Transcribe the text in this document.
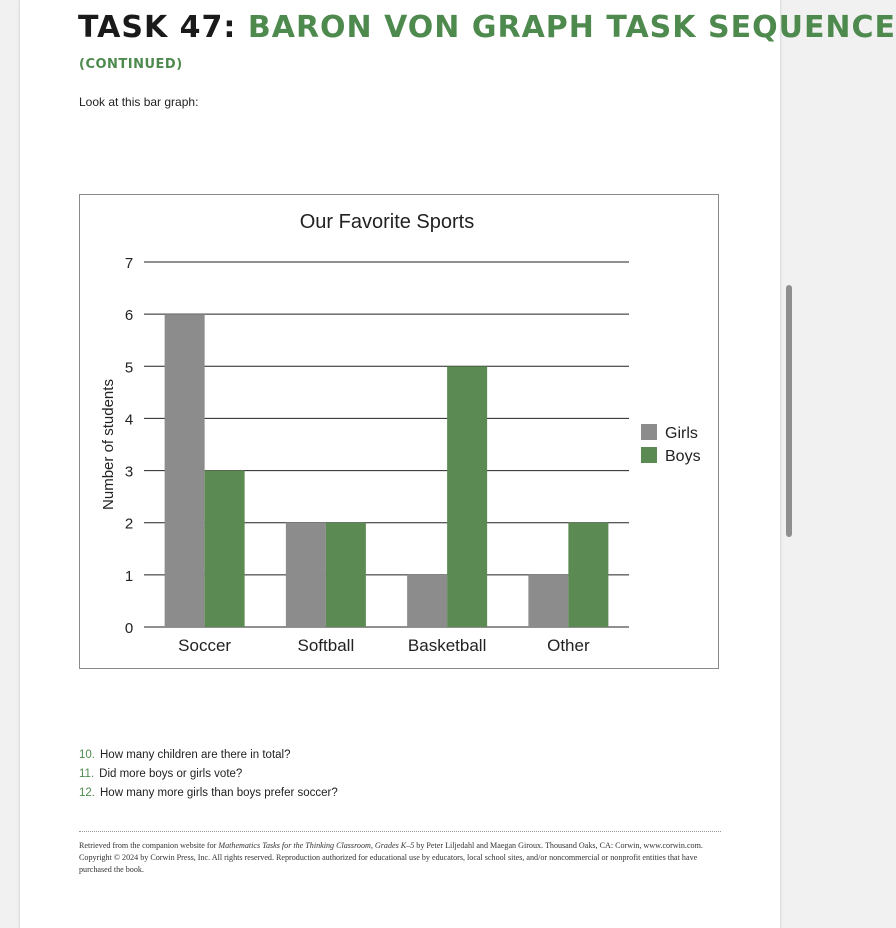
TASK 47: BARON VON GRAPH TASK SEQUENCE
(CONTINUED)
Look at this bar graph:
Our Favorite Sports
0
1
2
3
4
5
6
7
Number of students
Soccer	Softball	Basketball	Other
Girls
Boys
10. How many children are there in total?
11. Did more boys or girls vote?
12. How many more girls than boys prefer soccer?
Retrieved from the companion website for Mathematics Tasks for the Thinking Classroom, Grades K–5 by Peter Liljedahl and Maegan Giroux. Thousand Oaks, CA: Corwin, www.corwin.com. Copyright © 2024 by Corwin Press, Inc. All rights reserved. Reproduction authorized for educational use by educators, local school sites, and/or noncommercial or nonprofit entities that have purchased the book.
